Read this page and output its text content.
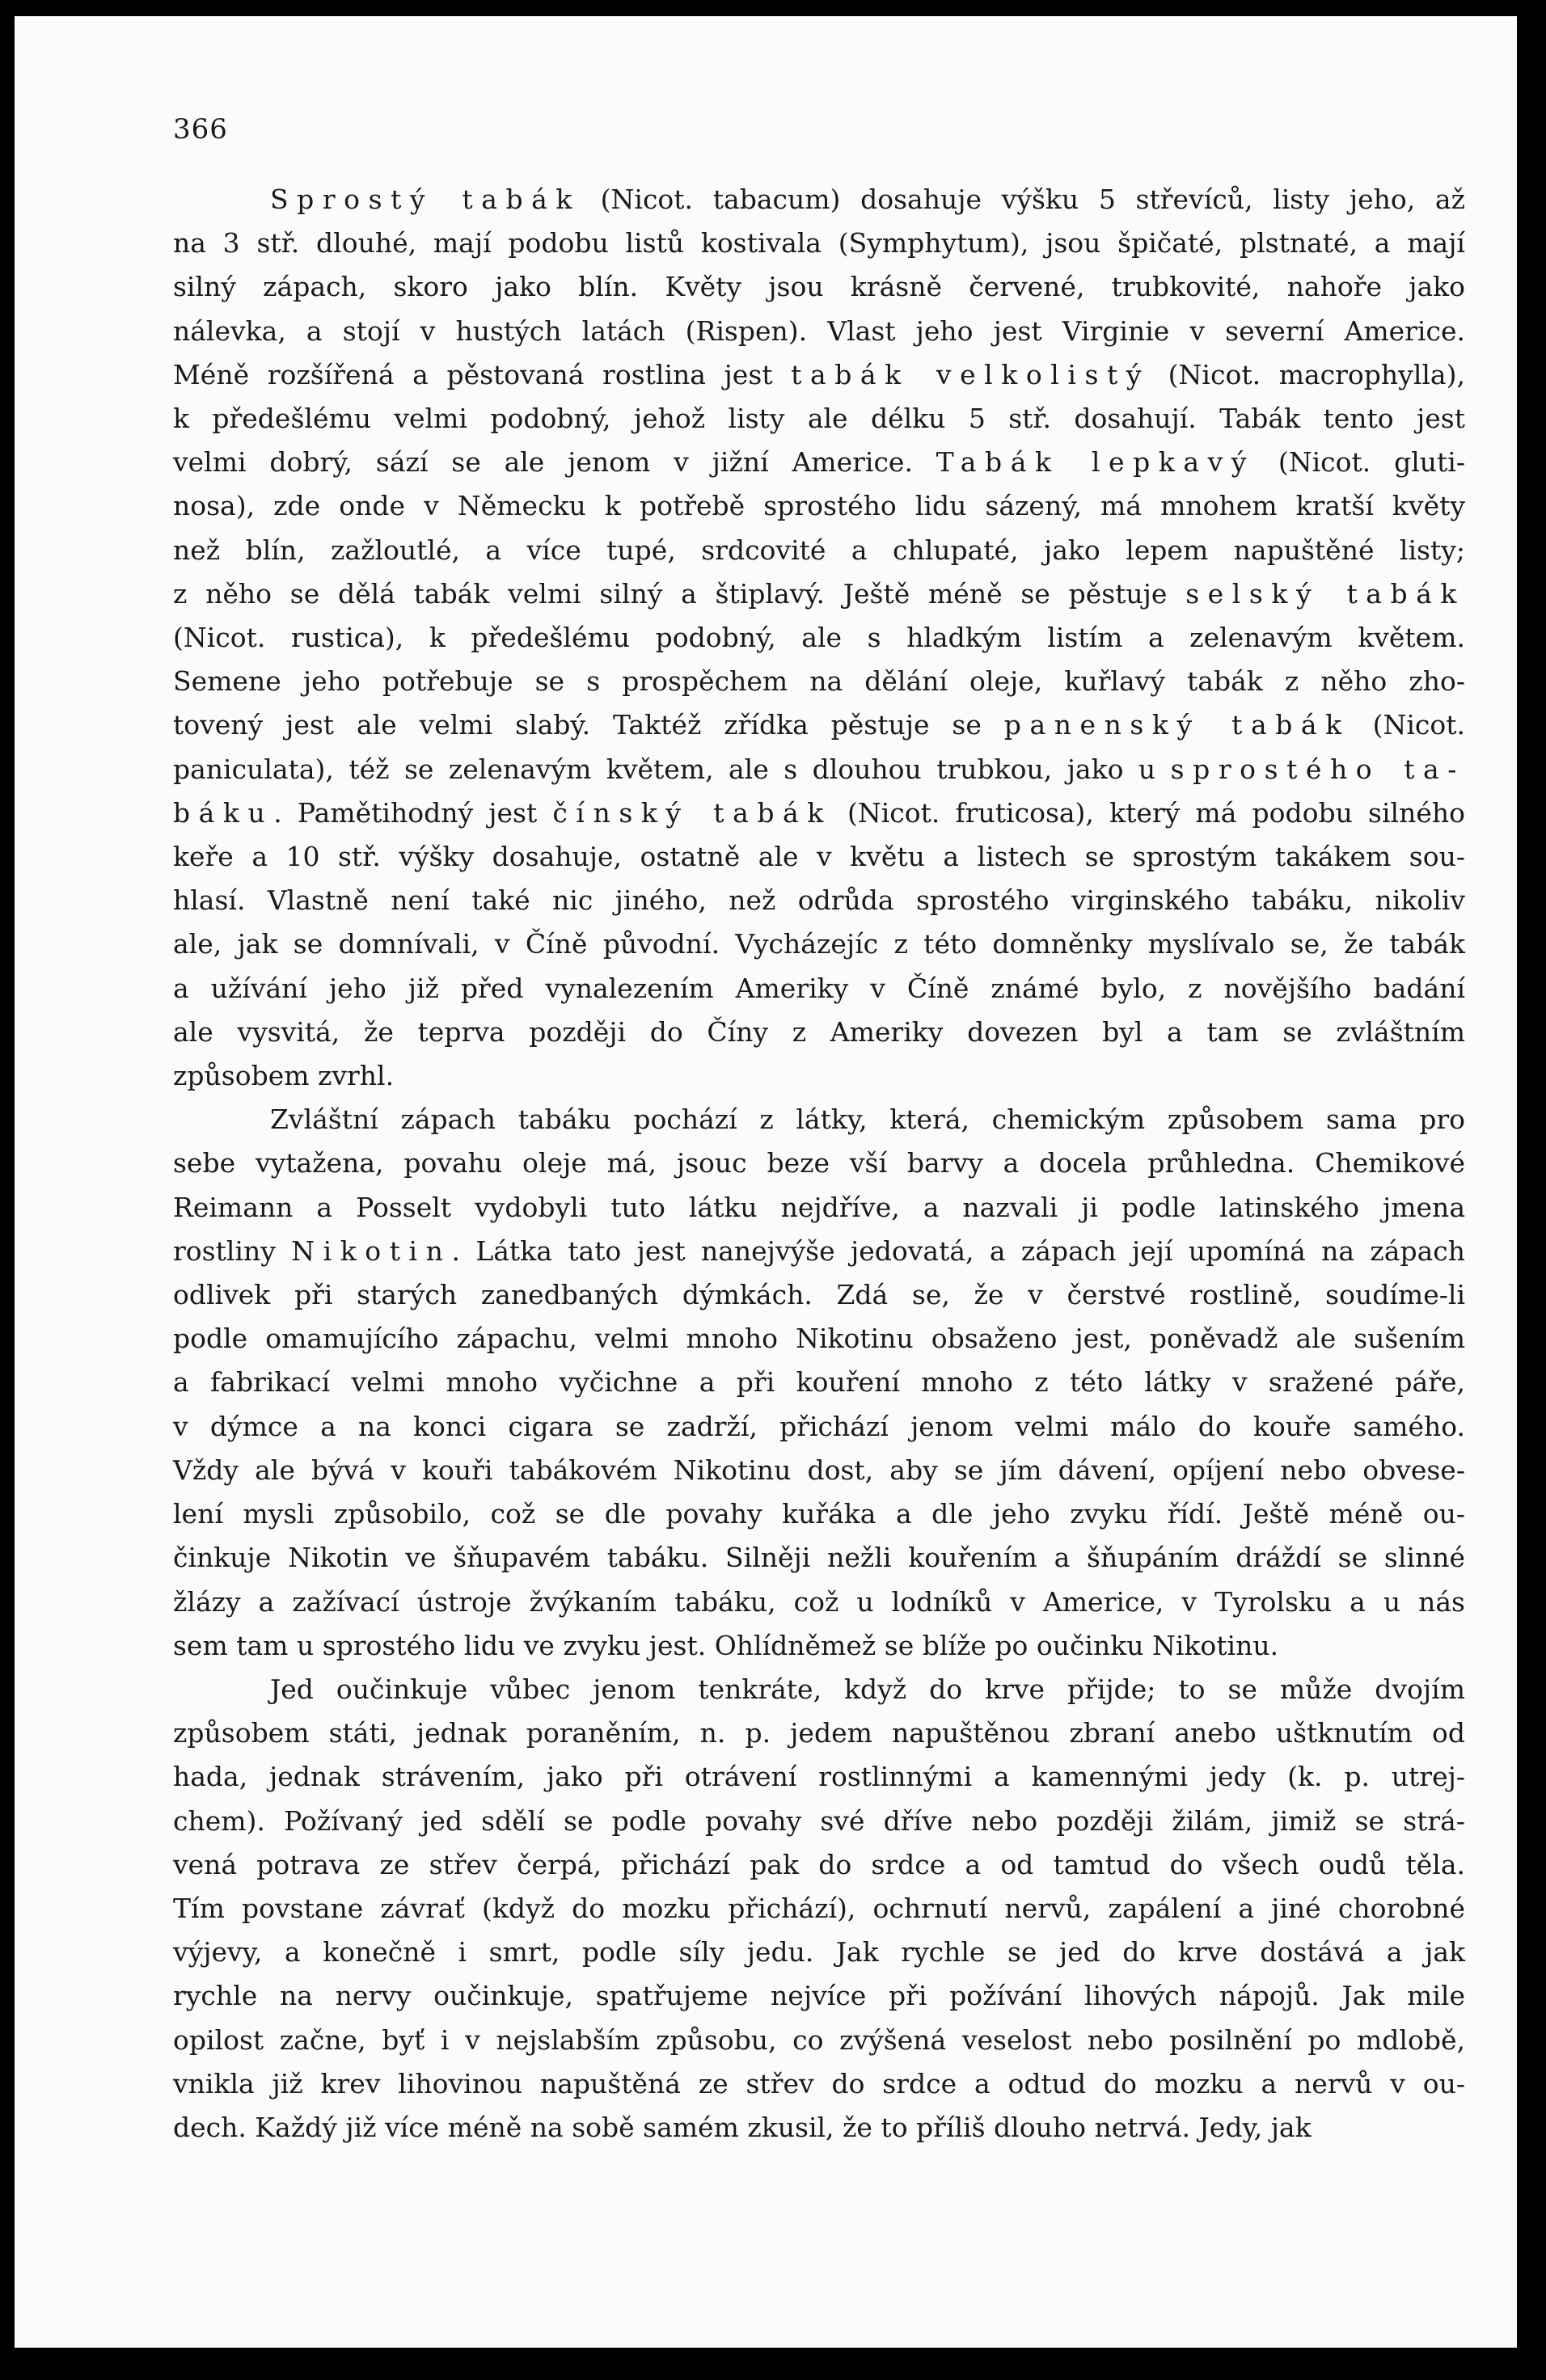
366

Sprostý tabák (Nicot. tabacum) dosahuje výšku 5 střevíců, listy jeho, až
na 3 stř. dlouhé, mají podobu listů kostivala (Symphytum), jsou špičaté, plstnaté, a mají
silný zápach, skoro jako blín. Květy jsou krásně červené, trubkovité, nahoře jako
nálevka, a stojí v hustých latách (Rispen). Vlast jeho jest Virginie v severní Americe.
Méně rozšířená a pěstovaná rostlina jest tabák velkolistý (Nicot. macrophylla),
k předešlému velmi podobný, jehož listy ale délku 5 stř. dosahují. Tabák tento jest
velmi dobrý, sází se ale jenom v jižní Americe. Tabák lepkavý (Nicot. gluti-
nosa), zde onde v Německu k potřebě sprostého lidu sázený, má mnohem kratší květy
než blín, zažloutlé, a více tupé, srdcovité a chlupaté, jako lepem napuštěné listy;
z něho se dělá tabák velmi silný a štiplavý. Ještě méně se pěstuje selský tabák
(Nicot. rustica), k předešlému podobný, ale s hladkým listím a zelenavým květem.
Semene jeho potřebuje se s prospěchem na dělání oleje, kuřlavý tabák z něho zho-
tovený jest ale velmi slabý. Taktéž zřídka pěstuje se panenský tabák (Nicot.
paniculata), též se zelenavým květem, ale s dlouhou trubkou, jako u sprostého ta-
báku. Pamětihodný jest čínský tabák (Nicot. fruticosa), který má podobu silného
keře a 10 stř. výšky dosahuje, ostatně ale v květu a listech se sprostým takákem sou-
hlasí. Vlastně není také nic jiného, než odrůda sprostého virginského tabáku, nikoliv
ale, jak se domnívali, v Číně původní. Vycházejíc z této domněnky myslívalo se, že tabák
a užívání jeho již před vynalezením Ameriky v Číně známé bylo, z novějšího badání
ale vysvitá, že teprva později do Číny z Ameriky dovezen byl a tam se zvláštním
způsobem zvrhl.

Zvláštní zápach tabáku pochází z látky, která, chemickým způsobem sama pro
sebe vytažena, povahu oleje má, jsouc beze vší barvy a docela průhledna. Chemikové
Reimann a Posselt vydobyli tuto látku nejdříve, a nazvali ji podle latinského jmena
rostliny Nikotin. Látka tato jest nanejvýše jedovatá, a zápach její upomíná na zápach
odlivek při starých zanedbaných dýmkách. Zdá se, že v čerstvé rostlině, soudíme-li
podle omamujícího zápachu, velmi mnoho Nikotinu obsaženo jest, poněvadž ale sušením
a fabrikací velmi mnoho vyčichne a při kouření mnoho z této látky v sražené páře,
v dýmce a na konci cigara se zadrží, přichází jenom velmi málo do kouře samého.
Vždy ale bývá v kouři tabákovém Nikotinu dost, aby se jím dávení, opíjení nebo obvese-
lení mysli způsobilo, což se dle povahy kuřáka a dle jeho zvyku řídí. Ještě méně ou-
činkuje Nikotin ve šňupavém tabáku. Silněji nežli kouřením a šňupáním dráždí se slinné
žlázy a zažívací ústroje žvýkaním tabáku, což u lodníků v Americe, v Tyrolsku a u nás
sem tam u sprostého lidu ve zvyku jest. Ohlídněmež se blíže po oučinku Nikotinu.

Jed oučinkuje vůbec jenom tenkráte, když do krve přijde; to se může dvojím
způsobem státi, jednak poraněním, n. p. jedem napuštěnou zbraní anebo uštknutím od
hada, jednak strávením, jako při otrávení rostlinnými a kamennými jedy (k. p. utrej-
chem). Požívaný jed sdělí se podle povahy své dříve nebo později žilám, jimiž se strá-
vená potrava ze střev čerpá, přichází pak do srdce a od tamtud do všech oudů těla.
Tím povstane závrať (když do mozku přichází), ochrnutí nervů, zapálení a jiné chorobné
výjevy, a konečně i smrt, podle síly jedu. Jak rychle se jed do krve dostává a jak
rychle na nervy oučinkuje, spatřujeme nejvíce při požívání lihových nápojů. Jak mile
opilost začne, byť i v nejslabším způsobu, co zvýšená veselost nebo posilnění po mdlobě,
vnikla již krev lihovinou napuštěná ze střev do srdce a odtud do mozku a nervů v ou-
dech. Každý již více méně na sobě samém zkusil, že to příliš dlouho netrvá. Jedy, jak
